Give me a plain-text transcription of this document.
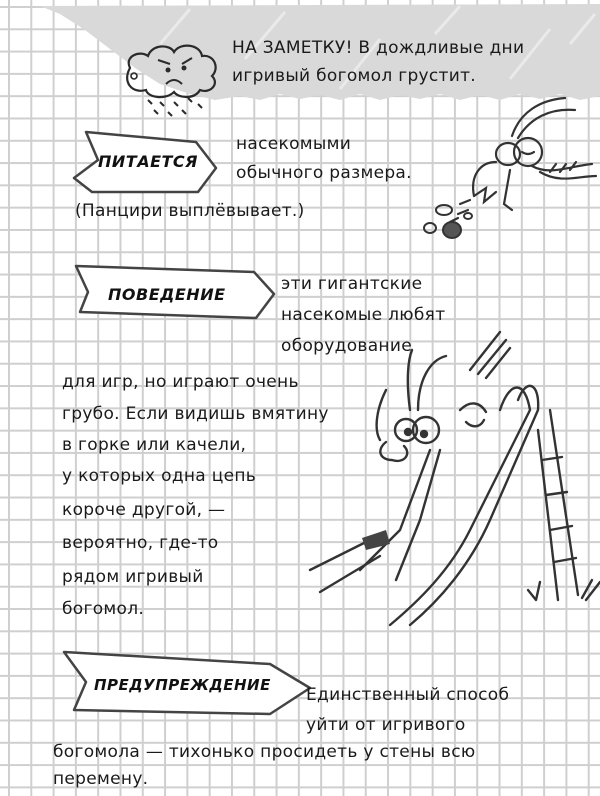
НА ЗАМЕТКУ! В дождливые дни
игривый богомол грустит.
ПИТАЕТСЯ
насекомыми
обычного размера.
(Панцири выплёвывает.)
ПОВЕДЕНИЕ
эти гигантские
насекомые любят
оборудование
для игр, но играют очень
грубо. Если видишь вмятину
в горке или качели,
у которых одна цепь
короче другой, —
вероятно, где-то
рядом игривый
богомол.
ПРЕДУПРЕЖДЕНИЕ Единственный способ
уйти от игривого
богомола — тихонько просидеть у стены всю
перемену.
